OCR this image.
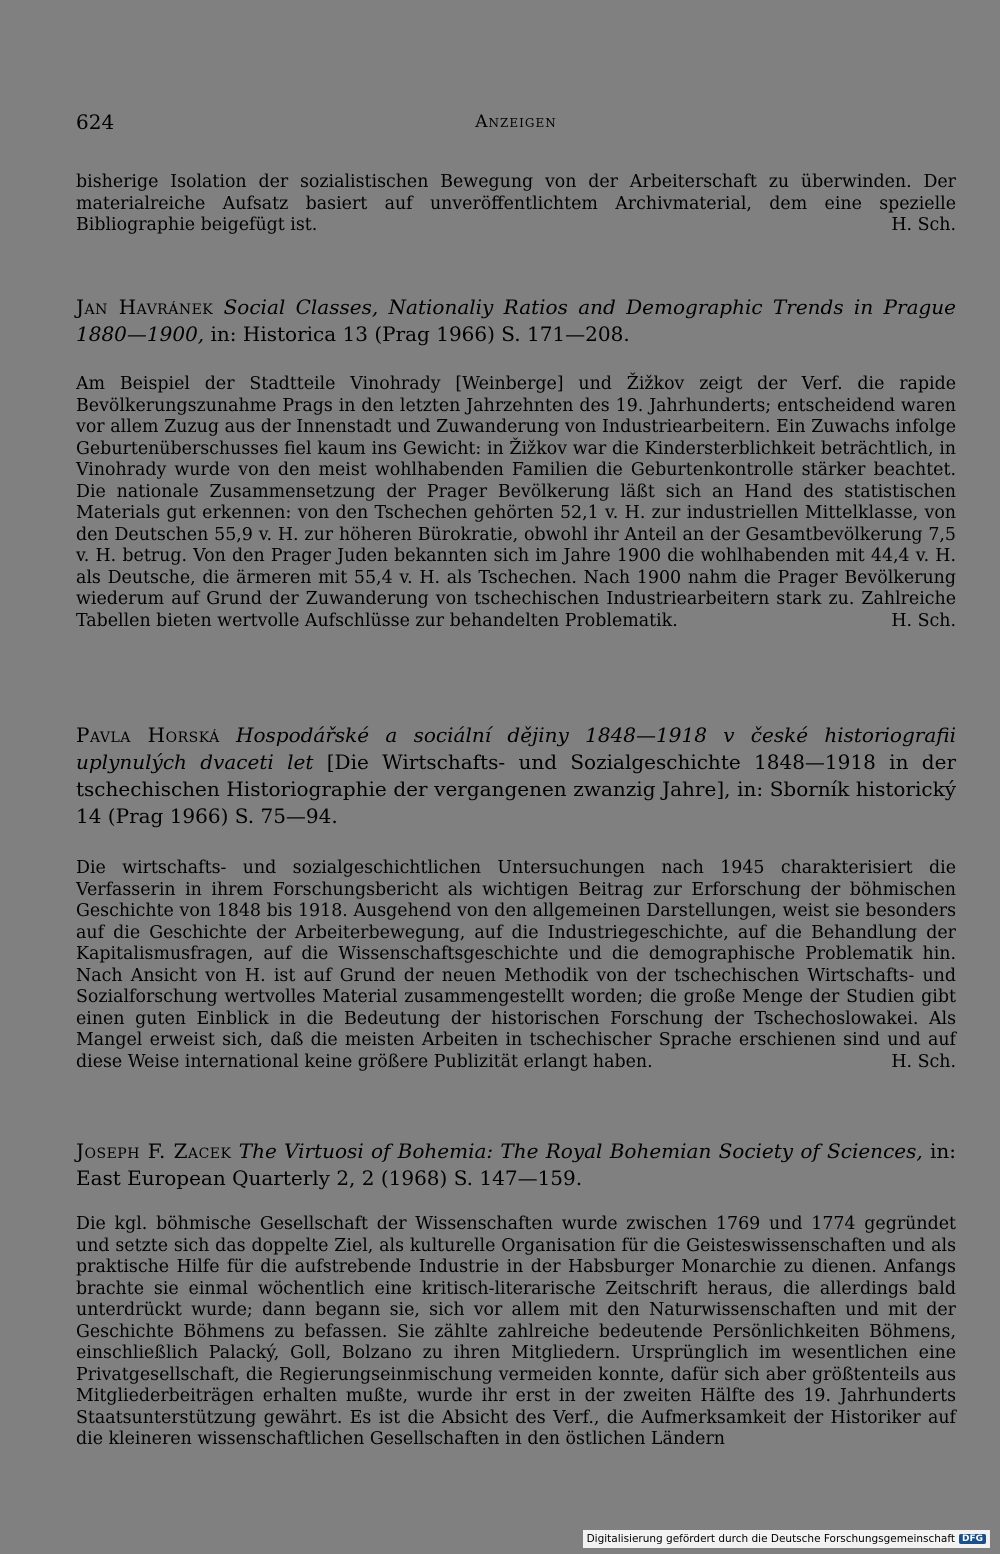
624	Anzeigen

bisherige Isolation der sozialistischen Bewegung von der Arbeiterschaft zu überwinden. Der materialreiche Aufsatz basiert auf unveröffentlichtem Archivmaterial, dem eine spezielle Bibliographie beigefügt ist.	H. Sch.

Jan Havránek Social Classes, Nationaliy Ratios and Demographic Trends in Prague 1880—1900, in: Historica 13 (Prag 1966) S. 171—208.

Am Beispiel der Stadtteile Vinohrady [Weinberge] und Žižkov zeigt der Verf. die rapide Bevölkerungszunahme Prags in den letzten Jahrzehnten des 19. Jahrhunderts; entscheidend waren vor allem Zuzug aus der Innenstadt und Zuwanderung von Industriearbeitern. Ein Zuwachs infolge Geburtenüberschusses fiel kaum ins Gewicht: in Žižkov war die Kindersterblichkeit beträchtlich, in Vinohrady wurde von den meist wohlhabenden Familien die Geburtenkontrolle stärker beachtet. Die nationale Zusammensetzung der Prager Bevölkerung läßt sich an Hand des statistischen Materials gut erkennen: von den Tschechen gehörten 52,1 v. H. zur industriellen Mittelklasse, von den Deutschen 55,9 v. H. zur höheren Bürokratie, obwohl ihr Anteil an der Gesamtbevölkerung 7,5 v. H. betrug. Von den Prager Juden bekannten sich im Jahre 1900 die wohlhabenden mit 44,4 v. H. als Deutsche, die ärmeren mit 55,4 v. H. als Tschechen. Nach 1900 nahm die Prager Bevölkerung wiederum auf Grund der Zuwanderung von tschechischen Industriearbeitern stark zu. Zahlreiche Tabellen bieten wertvolle Aufschlüsse zur behandelten Problematik.	H. Sch.

Pavla Horská Hospodářské a sociální dějiny 1848—1918 v české historiografii uplynulých dvaceti let [Die Wirtschafts- und Sozialgeschichte 1848—1918 in der tschechischen Historiographie der vergangenen zwanzig Jahre], in: Sborník historický 14 (Prag 1966) S. 75—94.

Die wirtschafts- und sozialgeschichtlichen Untersuchungen nach 1945 charakterisiert die Verfasserin in ihrem Forschungsbericht als wichtigen Beitrag zur Erforschung der böhmischen Geschichte von 1848 bis 1918. Ausgehend von den allgemeinen Darstellungen, weist sie besonders auf die Geschichte der Arbeiterbewegung, auf die Industriegeschichte, auf die Behandlung der Kapitalismusfragen, auf die Wissenschaftsgeschichte und die demographische Problematik hin. Nach Ansicht von H. ist auf Grund der neuen Methodik von der tschechischen Wirtschafts- und Sozialforschung wertvolles Material zusammengestellt worden; die große Menge der Studien gibt einen guten Einblick in die Bedeutung der historischen Forschung der Tschechoslowakei. Als Mangel erweist sich, daß die meisten Arbeiten in tschechischer Sprache erschienen sind und auf diese Weise international keine größere Publizität erlangt haben.	H. Sch.

Joseph F. Zacek The Virtuosi of Bohemia: The Royal Bohemian Society of Sciences, in: East European Quarterly 2, 2 (1968) S. 147—159.

Die kgl. böhmische Gesellschaft der Wissenschaften wurde zwischen 1769 und 1774 gegründet und setzte sich das doppelte Ziel, als kulturelle Organisation für die Geisteswissenschaften und als praktische Hilfe für die aufstrebende Industrie in der Habsburger Monarchie zu dienen. Anfangs brachte sie einmal wöchentlich eine kritisch-literarische Zeitschrift heraus, die allerdings bald unterdrückt wurde; dann begann sie, sich vor allem mit den Naturwissenschaften und mit der Geschichte Böhmens zu befassen. Sie zählte zahlreiche bedeutende Persönlichkeiten Böhmens, einschließlich Palacký, Goll, Bolzano zu ihren Mitgliedern. Ursprünglich im wesentlichen eine Privatgesellschaft, die Regierungseinmischung vermeiden konnte, dafür sich aber größtenteils aus Mitgliederbeiträgen erhalten mußte, wurde ihr erst in der zweiten Hälfte des 19. Jahrhunderts Staatsunterstützung gewährt. Es ist die Absicht des Verf., die Aufmerksamkeit der Historiker auf die kleineren wissenschaftlichen Gesellschaften in den östlichen Ländern

Digitalisierung gefördert durch die Deutsche Forschungsgemeinschaft DFG
